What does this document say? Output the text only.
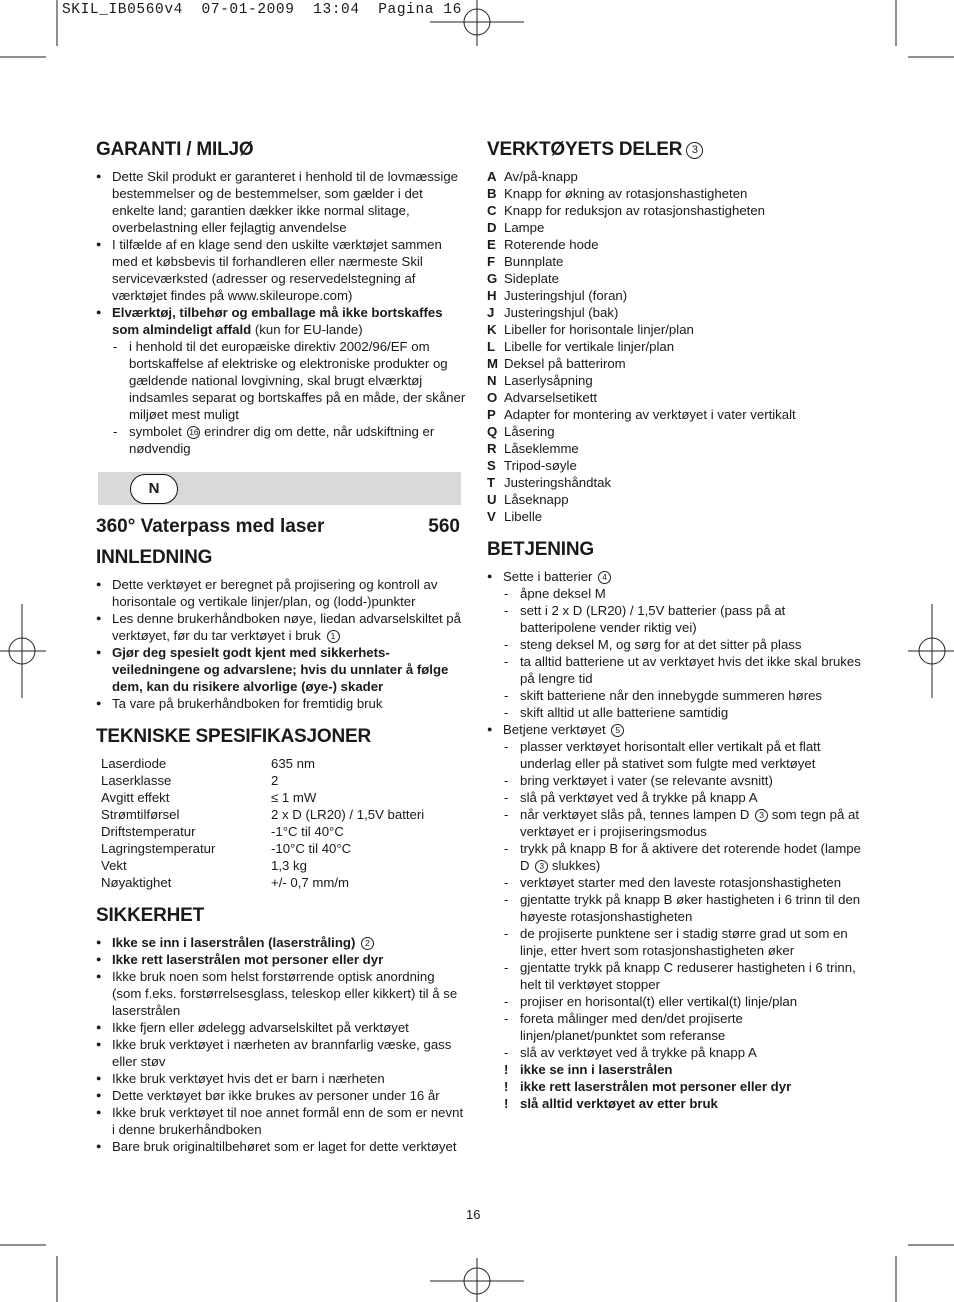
SKIL_IB0560v4  07-01-2009  13:04  Pagina 16
GARANTI / MILJØ
● Dette Skil produkt er garanteret i henhold til de lovmæssige bestemmelser og de bestemmelser, som gælder i det enkelte land; garantien dækker ikke normal slitage, overbelastning eller fejlagtig anvendelse
● I tilfælde af en klage send den uskilte værktøjet sammen med et købsbevis til forhandleren eller nærmeste Skil serviceværksted (adresser og reservedelstegning af værktøjet findes på www.skileurope.com)
● Elværktøj, tilbehør og emballage må ikke bortskaffes som almindeligt affald (kun for EU-lande)
- i henhold til det europæiske direktiv 2002/96/EF om bortskaffelse af elektriske og elektroniske produkter og gældende national lovgivning, skal brugt elværktøj indsamles separat og bortskaffes på en måde, der skåner miljøet mest muligt
- symbolet 16 erindrer dig om dette, når udskiftning er nødvendig
N
360° Vaterpass med laser	560
INNLEDNING
● Dette verktøyet er beregnet på projisering og kontroll av horisontale og vertikale linjer/plan, og (lodd-)punkter
● Les denne brukerhåndboken nøye, liedan advarselskiltet på verktøyet, før du tar verktøyet i bruk 1
● Gjør deg spesielt godt kjent med sikkerhets-veiledningene og advarslene; hvis du unnlater å følge dem, kan du risikere alvorlige (øye-) skader
● Ta vare på brukerhåndboken for fremtidig bruk
TEKNISKE SPESIFIKASJONER
Laserdiode	635 nm
Laserklasse	2
Avgitt effekt	≤ 1 mW
Strømtilførsel	2 x D (LR20) / 1,5V batteri
Driftstemperatur	-1°C til 40°C
Lagringstemperatur	-10°C til 40°C
Vekt	1,3 kg
Nøyaktighet	+/- 0,7 mm/m
SIKKERHET
● Ikke se inn i laserstrålen (laserstråling) 2
● Ikke rett laserstrålen mot personer eller dyr
● Ikke bruk noen som helst forstørrende optisk anordning (som f.eks. forstørrelsesglass, teleskop eller kikkert) til å se laserstrålen
● Ikke fjern eller ødelegg advarselskiltet på verktøyet
● Ikke bruk verktøyet i nærheten av brannfarlig væske, gass eller støv
● Ikke bruk verktøyet hvis det er barn i nærheten
● Dette verktøyet bør ikke brukes av personer under 16 år
● Ikke bruk verktøyet til noe annet formål enn de som er nevnt i denne brukerhåndboken
● Bare bruk originaltilbehøret som er laget for dette verktøyet
VERKTØYETS DELER 3
A Av/på-knapp
B Knapp for økning av rotasjonshastigheten
C Knapp for reduksjon av rotasjonshastigheten
D Lampe
E Roterende hode
F Bunnplate
G Sideplate
H Justeringshjul (foran)
J Justeringshjul (bak)
K Libeller for horisontale linjer/plan
L Libelle for vertikale linjer/plan
M Deksel på batterirom
N Laserlysåpning
O Advarselsetikett
P Adapter for montering av verktøyet i vater vertikalt
Q Låsering
R Låseklemme
S Tripod-søyle
T Justeringshåndtak
U Låseknapp
V Libelle
BETJENING
● Sette i batterier 4
- åpne deksel M
- sett i 2 x D (LR20) / 1,5V batterier (pass på at batteripolene vender riktig vei)
- steng deksel M, og sørg for at det sitter på plass
- ta alltid batteriene ut av verktøyet hvis det ikke skal brukes på lengre tid
- skift batteriene når den innebygde summeren høres
- skift alltid ut alle batteriene samtidig
● Betjene verktøyet 5
- plasser verktøyet horisontalt eller vertikalt på et flatt underlag eller på stativet som fulgte med verktøyet
- bring verktøyet i vater (se relevante avsnitt)
- slå på verktøyet ved å trykke på knapp A
- når verktøyet slås på, tennes lampen D 3 som tegn på at verktøyet er i projiseringsmodus
- trykk på knapp B for å aktivere det roterende hodet (lampe D 3 slukkes)
- verktøyet starter med den laveste rotasjonshastigheten
- gjentatte trykk på knapp B øker hastigheten i 6 trinn til den høyeste rotasjonshastigheten
- de projiserte punktene ser i stadig større grad ut som en linje, etter hvert som rotasjonshastigheten øker
- gjentatte trykk på knapp C reduserer hastigheten i 6 trinn, helt til verktøyet stopper
- projiser en horisontal(t) eller vertikal(t) linje/plan
- foreta målinger med den/det projiserte linjen/planet/punktet som referanse
- slå av verktøyet ved å trykke på knapp A
! ikke se inn i laserstrålen
! ikke rett laserstrålen mot personer eller dyr
! slå alltid verktøyet av etter bruk
16
